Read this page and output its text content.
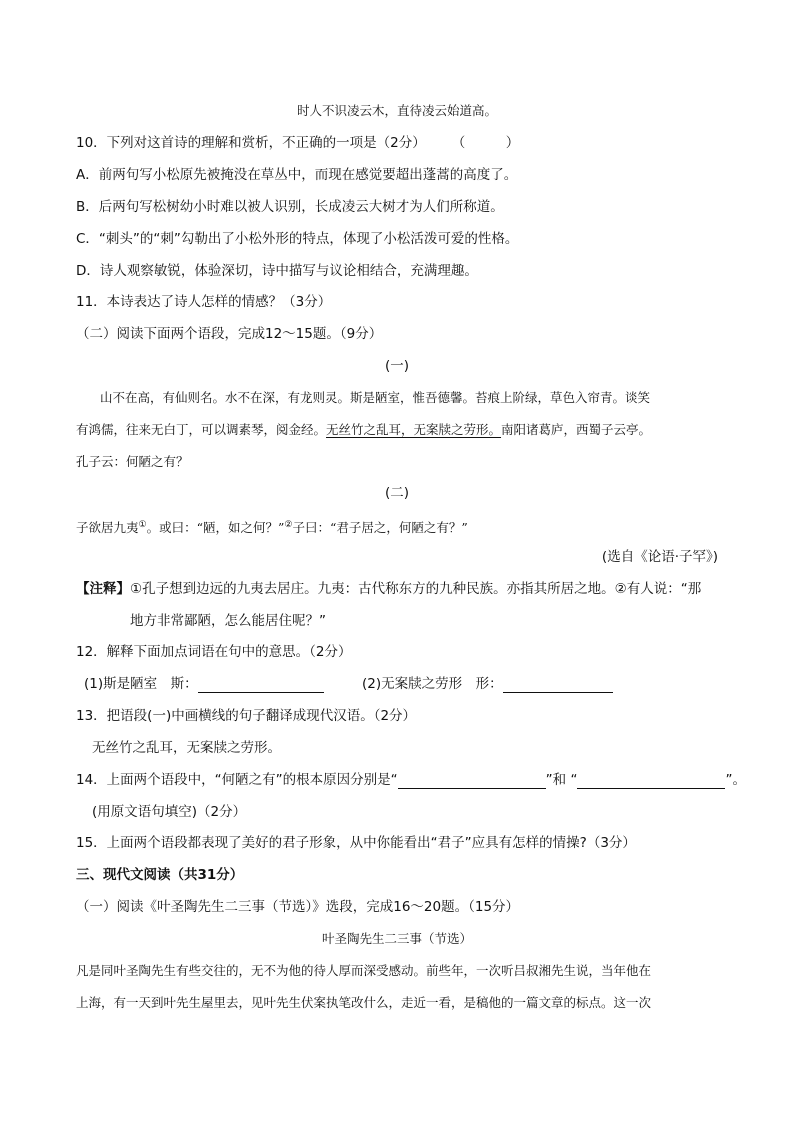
时人不识凌云木，直待凌云始道高。
10．下列对这首诗的理解和赏析，不正确的一项是（2分） （　　　）
A．前两句写小松原先被掩没在草丛中，而现在感觉要超出蓬蒿的高度了。
B．后两句写松树幼小时难以被人识别，长成凌云大树才为人们所称道。
C．“刺头”的“刺”勾勒出了小松外形的特点，体现了小松活泼可爱的性格。
D．诗人观察敏锐，体验深切，诗中描写与议论相结合，充满理趣。
11．本诗表达了诗人怎样的情感？（3分）
（二）阅读下面两个语段，完成12～15题。（9分）
(一)
山不在高，有仙则名。水不在深，有龙则灵。斯是陋室，惟吾德馨。苔痕上阶绿，草色入帘青。谈笑
有鸿儒，往来无白丁，可以调素琴，阅金经。无丝竹之乱耳，无案牍之劳形。南阳诸葛庐，西蜀子云亭。
孔子云：何陋之有？
(二)
子欲居九夷①。或曰：“陋，如之何？”②子曰：“君子居之，何陋之有？”
(选自《论语·子罕》)
【注释】①孔子想到边远的九夷去居庄。九夷：古代称东方的九种民族。亦指其所居之地。②有人说：“那
地方非常鄙陋，怎么能居住呢？”
12．解释下面加点词语在句中的意思。（2分）
(1)斯是陋室　斯：	(2)无案牍之劳形　形：
13．把语段(一)中画横线的句子翻译成现代汉语。（2分）
无丝竹之乱耳，无案牍之劳形。
14．上面两个语段中，“何陋之有”的根本原因分别是“	”和 “	”。
(用原文语句填空)（2分）
15．上面两个语段都表现了美好的君子形象，从中你能看出“君子”应具有怎样的情操?（3分）
三、现代文阅读（共31分）
（一）阅读《叶圣陶先生二三事（节选）》选段，完成16～20题。（15分）
叶圣陶先生二三事（节选）
凡是同叶圣陶先生有些交往的，无不为他的待人厚而深受感动。前些年，一次听吕叔湘先生说，当年他在
上海，有一天到叶先生屋里去，见叶先生伏案执笔改什么，走近一看，是稿他的一篇文章的标点。这一次
